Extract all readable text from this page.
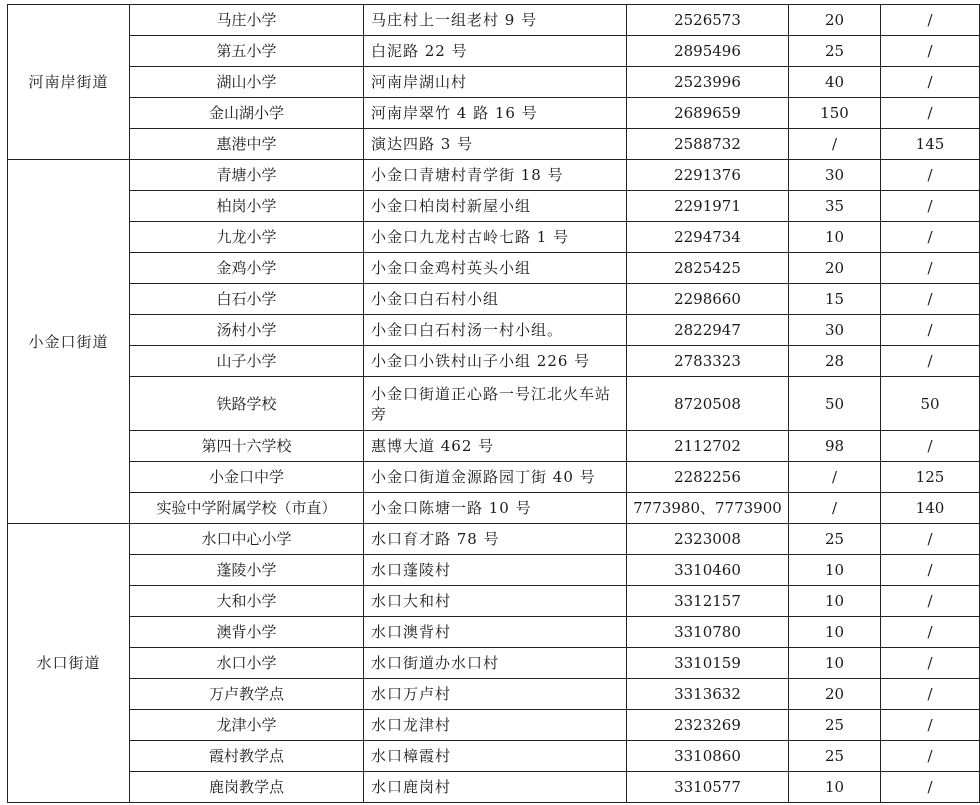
河南岸街道	马庄小学	马庄村上一组老村 9 号	2526573	20	/
	第五小学	白泥路 22 号	2895496	25	/
	湖山小学	河南岸湖山村	2523996	40	/
	金山湖小学	河南岸翠竹 4 路 16 号	2689659	150	/
	惠港中学	演达四路 3 号	2588732	/	145
小金口街道	青塘小学	小金口青塘村青学街 18 号	2291376	30	/
	柏岗小学	小金口柏岗村新屋小组	2291971	35	/
	九龙小学	小金口九龙村古岭七路 1 号	2294734	10	/
	金鸡小学	小金口金鸡村英头小组	2825425	20	/
	白石小学	小金口白石村小组	2298660	15	/
	汤村小学	小金口白石村汤一村小组。	2822947	30	/
	山子小学	小金口小铁村山子小组 226 号	2783323	28	/
	铁路学校	小金口街道正心路一号江北火车站旁	8720508	50	50
	第四十六学校	惠博大道 462 号	2112702	98	/
	小金口中学	小金口街道金源路园丁街 40 号	2282256	/	125
	实验中学附属学校（市直）	小金口陈塘一路 10 号	7773980、7773900	/	140
水口街道	水口中心小学	水口育才路 78 号	2323008	25	/
	蓬陵小学	水口蓬陵村	3310460	10	/
	大和小学	水口大和村	3312157	10	/
	澳背小学	水口澳背村	3310780	10	/
	水口小学	水口街道办水口村	3310159	10	/
	万卢教学点	水口万卢村	3313632	20	/
	龙津小学	水口龙津村	2323269	25	/
	霞村教学点	水口樟霞村	3310860	25	/
	鹿岗教学点	水口鹿岗村	3310577	10	/
